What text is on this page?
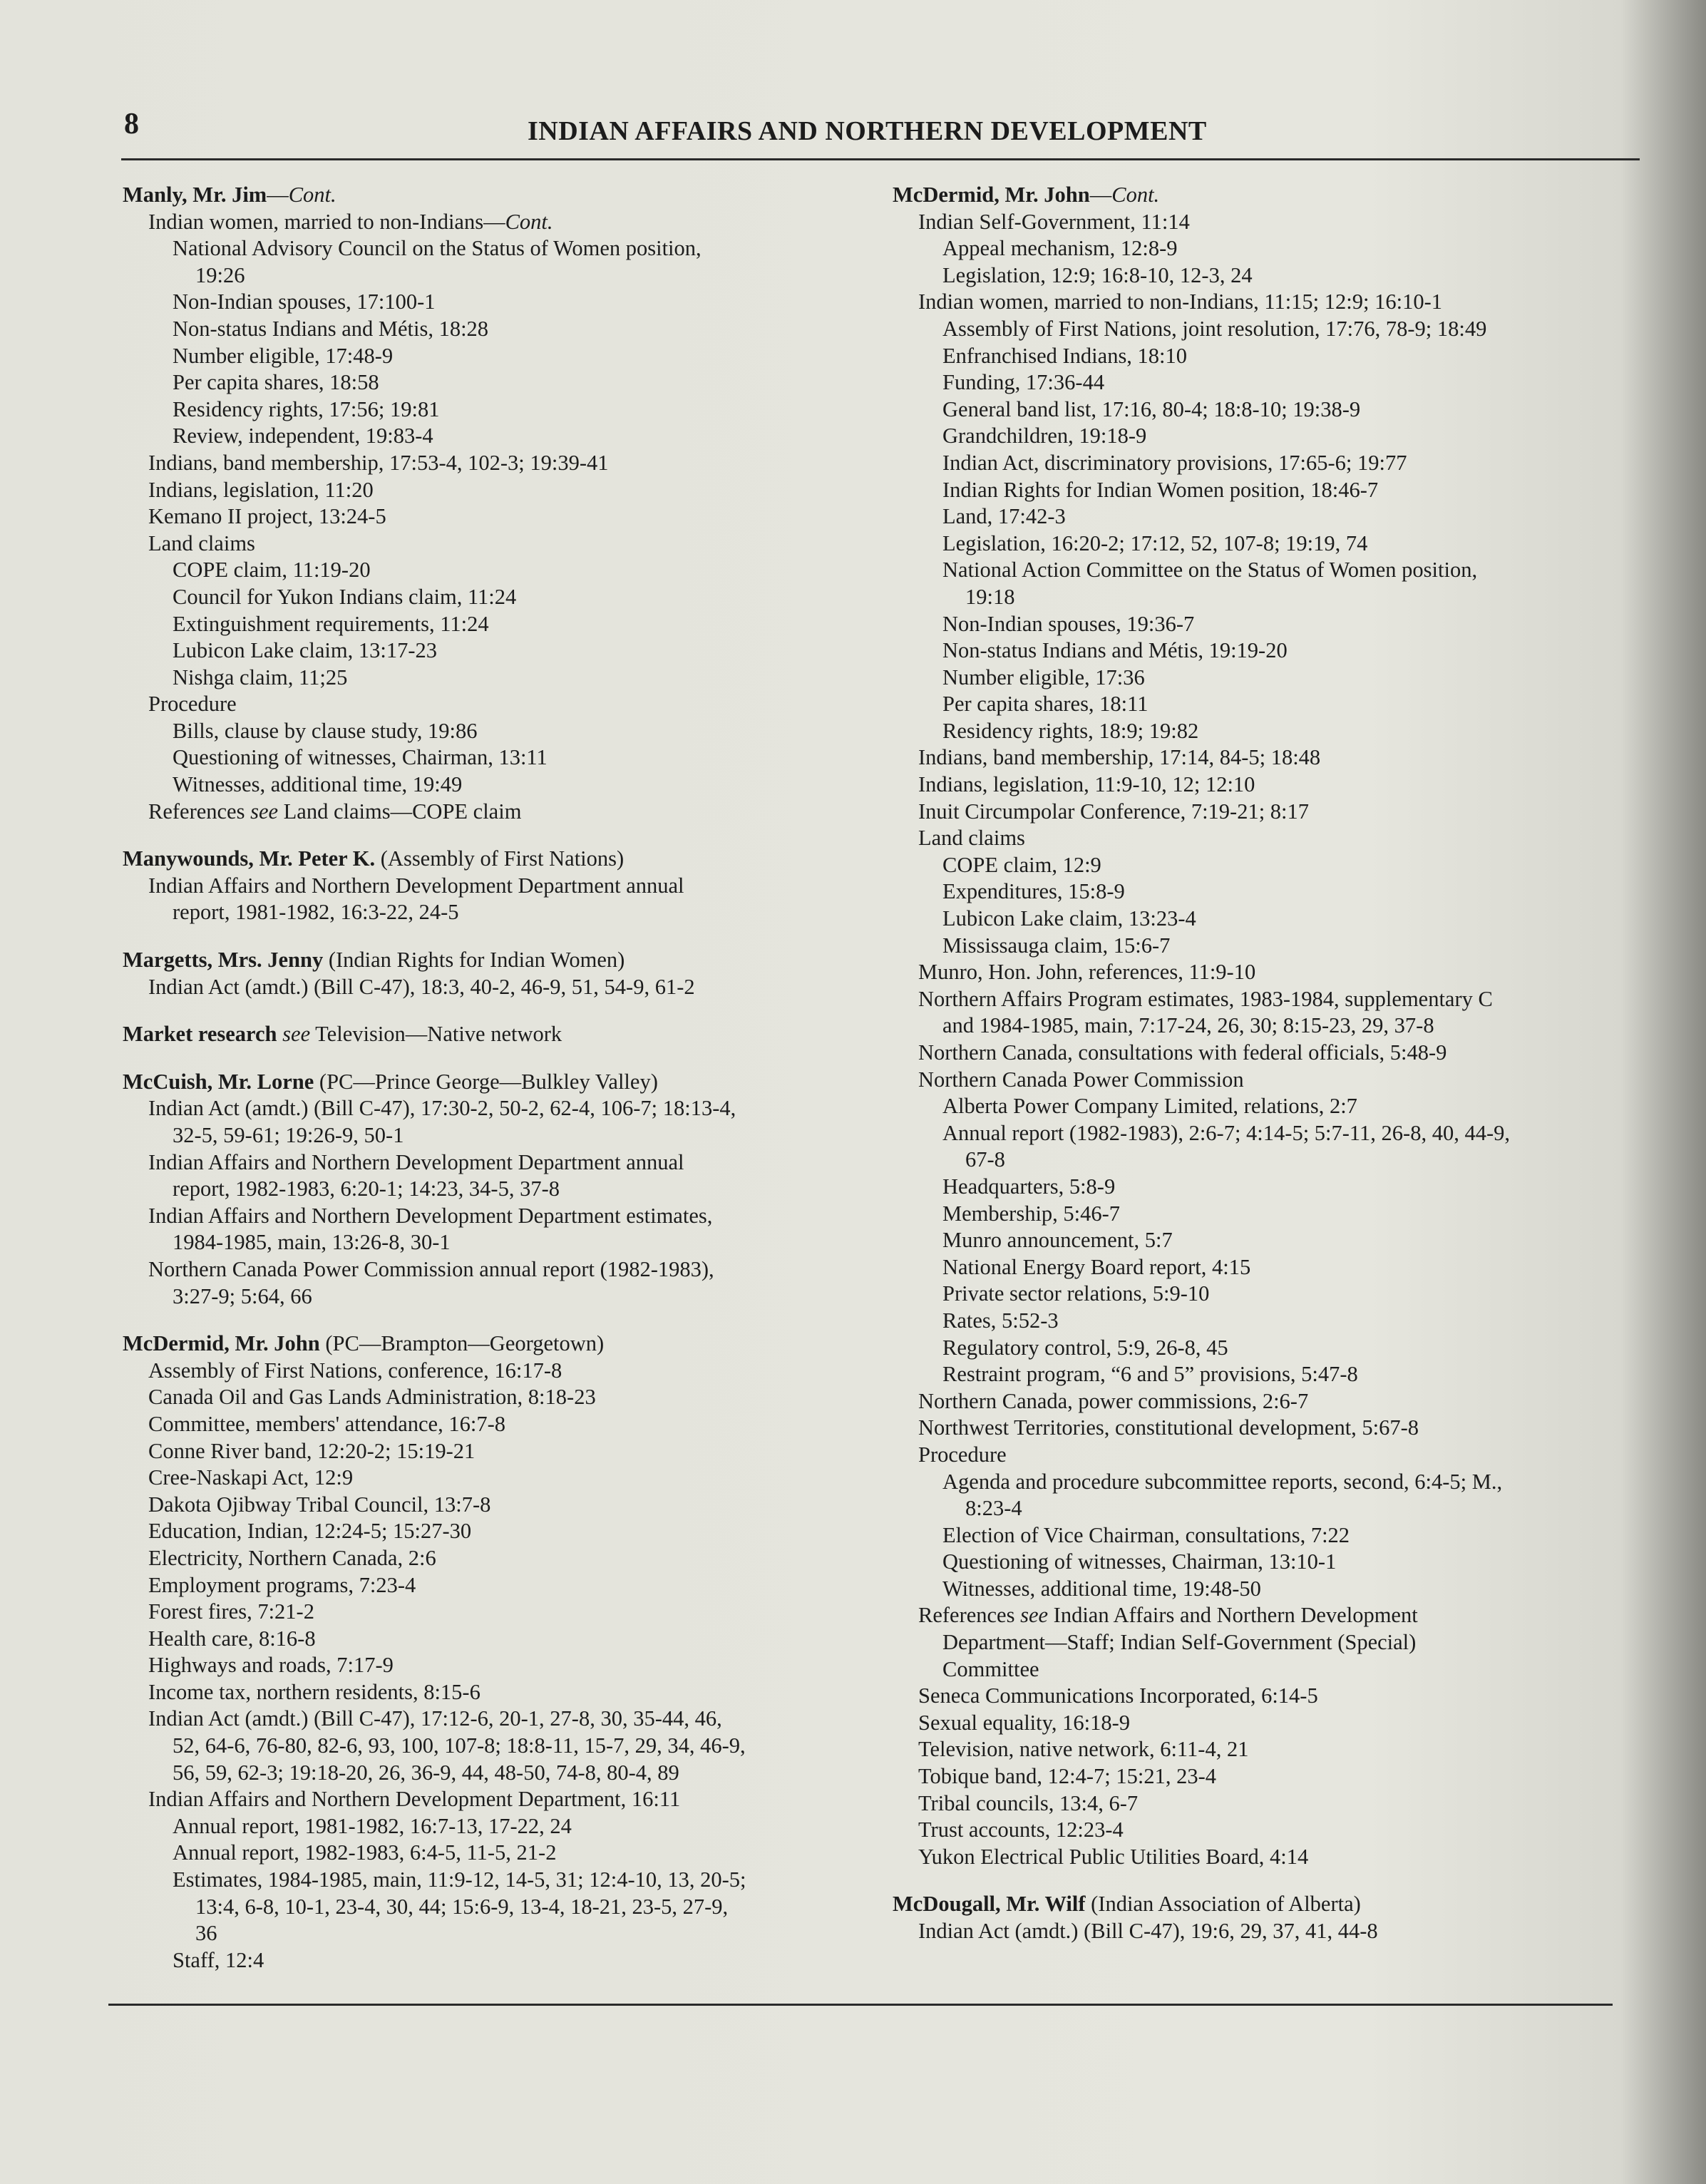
8	INDIAN AFFAIRS AND NORTHERN DEVELOPMENT
Manly, Mr. Jim—Cont.
Indian women, married to non-Indians—Cont.
National Advisory Council on the Status of Women position,
19:26
Non-Indian spouses, 17:100-1
Non-status Indians and Métis, 18:28
Number eligible, 17:48-9
Per capita shares, 18:58
Residency rights, 17:56; 19:81
Review, independent, 19:83-4
Indians, band membership, 17:53-4, 102-3; 19:39-41
Indians, legislation, 11:20
Kemano II project, 13:24-5
Land claims
COPE claim, 11:19-20
Council for Yukon Indians claim, 11:24
Extinguishment requirements, 11:24
Lubicon Lake claim, 13:17-23
Nishga claim, 11;25
Procedure
Bills, clause by clause study, 19:86
Questioning of witnesses, Chairman, 13:11
Witnesses, additional time, 19:49
References see Land claims—COPE claim
Manywounds, Mr. Peter K. (Assembly of First Nations)
Indian Affairs and Northern Development Department annual
report, 1981-1982, 16:3-22, 24-5
Margetts, Mrs. Jenny (Indian Rights for Indian Women)
Indian Act (amdt.) (Bill C-47), 18:3, 40-2, 46-9, 51, 54-9, 61-2
Market research see Television—Native network
McCuish, Mr. Lorne (PC—Prince George—Bulkley Valley)
Indian Act (amdt.) (Bill C-47), 17:30-2, 50-2, 62-4, 106-7; 18:13-4,
32-5, 59-61; 19:26-9, 50-1
Indian Affairs and Northern Development Department annual
report, 1982-1983, 6:20-1; 14:23, 34-5, 37-8
Indian Affairs and Northern Development Department estimates,
1984-1985, main, 13:26-8, 30-1
Northern Canada Power Commission annual report (1982-1983),
3:27-9; 5:64, 66
McDermid, Mr. John (PC—Brampton—Georgetown)
Assembly of First Nations, conference, 16:17-8
Canada Oil and Gas Lands Administration, 8:18-23
Committee, members' attendance, 16:7-8
Conne River band, 12:20-2; 15:19-21
Cree-Naskapi Act, 12:9
Dakota Ojibway Tribal Council, 13:7-8
Education, Indian, 12:24-5; 15:27-30
Electricity, Northern Canada, 2:6
Employment programs, 7:23-4
Forest fires, 7:21-2
Health care, 8:16-8
Highways and roads, 7:17-9
Income tax, northern residents, 8:15-6
Indian Act (amdt.) (Bill C-47), 17:12-6, 20-1, 27-8, 30, 35-44, 46,
52, 64-6, 76-80, 82-6, 93, 100, 107-8; 18:8-11, 15-7, 29, 34, 46-9,
56, 59, 62-3; 19:18-20, 26, 36-9, 44, 48-50, 74-8, 80-4, 89
Indian Affairs and Northern Development Department, 16:11
Annual report, 1981-1982, 16:7-13, 17-22, 24
Annual report, 1982-1983, 6:4-5, 11-5, 21-2
Estimates, 1984-1985, main, 11:9-12, 14-5, 31; 12:4-10, 13, 20-5;
13:4, 6-8, 10-1, 23-4, 30, 44; 15:6-9, 13-4, 18-21, 23-5, 27-9,
36
Staff, 12:4
McDermid, Mr. John—Cont.
Indian Self-Government, 11:14
Appeal mechanism, 12:8-9
Legislation, 12:9; 16:8-10, 12-3, 24
Indian women, married to non-Indians, 11:15; 12:9; 16:10-1
Assembly of First Nations, joint resolution, 17:76, 78-9; 18:49
Enfranchised Indians, 18:10
Funding, 17:36-44
General band list, 17:16, 80-4; 18:8-10; 19:38-9
Grandchildren, 19:18-9
Indian Act, discriminatory provisions, 17:65-6; 19:77
Indian Rights for Indian Women position, 18:46-7
Land, 17:42-3
Legislation, 16:20-2; 17:12, 52, 107-8; 19:19, 74
National Action Committee on the Status of Women position,
19:18
Non-Indian spouses, 19:36-7
Non-status Indians and Métis, 19:19-20
Number eligible, 17:36
Per capita shares, 18:11
Residency rights, 18:9; 19:82
Indians, band membership, 17:14, 84-5; 18:48
Indians, legislation, 11:9-10, 12; 12:10
Inuit Circumpolar Conference, 7:19-21; 8:17
Land claims
COPE claim, 12:9
Expenditures, 15:8-9
Lubicon Lake claim, 13:23-4
Mississauga claim, 15:6-7
Munro, Hon. John, references, 11:9-10
Northern Affairs Program estimates, 1983-1984, supplementary C
and 1984-1985, main, 7:17-24, 26, 30; 8:15-23, 29, 37-8
Northern Canada, consultations with federal officials, 5:48-9
Northern Canada Power Commission
Alberta Power Company Limited, relations, 2:7
Annual report (1982-1983), 2:6-7; 4:14-5; 5:7-11, 26-8, 40, 44-9,
67-8
Headquarters, 5:8-9
Membership, 5:46-7
Munro announcement, 5:7
National Energy Board report, 4:15
Private sector relations, 5:9-10
Rates, 5:52-3
Regulatory control, 5:9, 26-8, 45
Restraint program, “6 and 5” provisions, 5:47-8
Northern Canada, power commissions, 2:6-7
Northwest Territories, constitutional development, 5:67-8
Procedure
Agenda and procedure subcommittee reports, second, 6:4-5; M.,
8:23-4
Election of Vice Chairman, consultations, 7:22
Questioning of witnesses, Chairman, 13:10-1
Witnesses, additional time, 19:48-50
References see Indian Affairs and Northern Development
Department—Staff; Indian Self-Government (Special)
Committee
Seneca Communications Incorporated, 6:14-5
Sexual equality, 16:18-9
Television, native network, 6:11-4, 21
Tobique band, 12:4-7; 15:21, 23-4
Tribal councils, 13:4, 6-7
Trust accounts, 12:23-4
Yukon Electrical Public Utilities Board, 4:14
McDougall, Mr. Wilf (Indian Association of Alberta)
Indian Act (amdt.) (Bill C-47), 19:6, 29, 37, 41, 44-8
